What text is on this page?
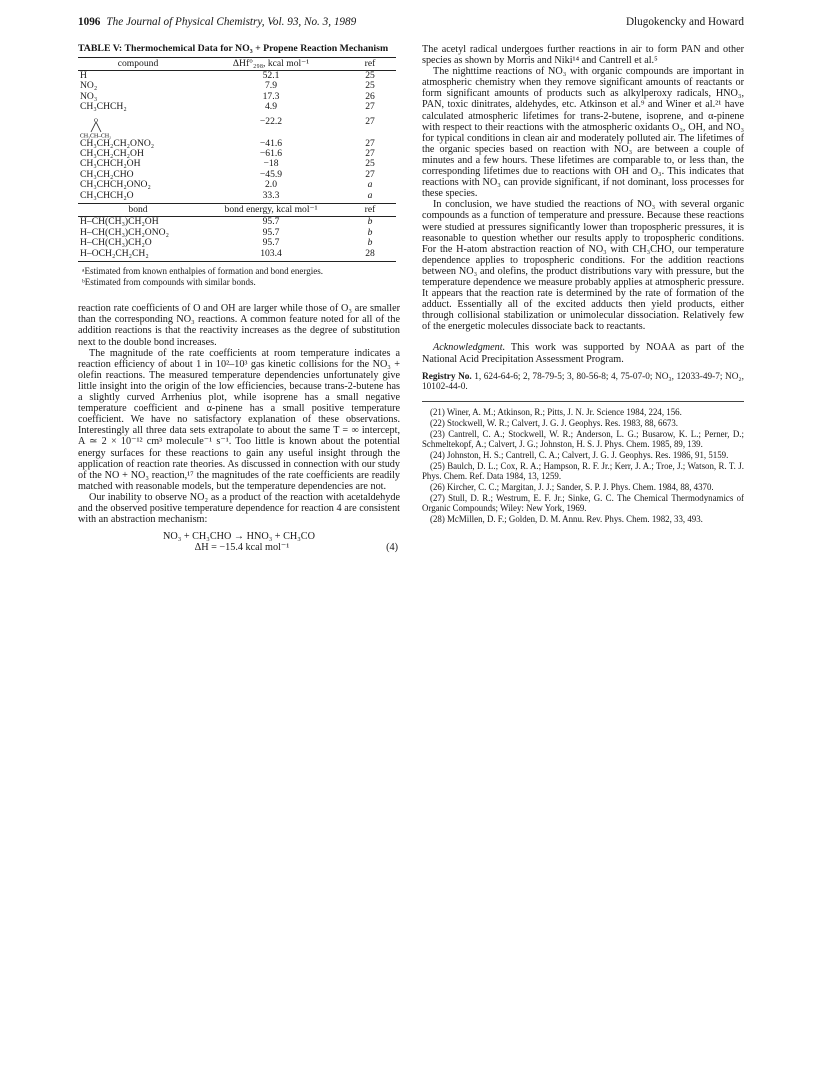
1096 The Journal of Physical Chemistry, Vol. 93, No. 3, 1989	Dlugokencky and Howard
TABLE V: Thermochemical Data for NO₃ + Propene Reaction Mechanism
compound	ΔHf°₂₉₈, kcal mol⁻¹	ref
H	52.1	25
NO₂	7.9	25
NO₃	17.3	26
CH₃CHCH₂	4.9	27

O
CH₃CH–CH₂	−22.2	27
CH₃CH₂CH₂ONO₂	−41.6	27
CH₃CH₂CH₂OH	−61.6	27
CH₃CHCH₂OH	−18	25
CH₃CH₂CHO	−45.9	27
CH₃CHCH₂ONO₂	2.0	a
CH₃CHCH₂O	33.3	a
bond	bond energy, kcal mol⁻¹	ref
H–CH(CH₃)CH₂OH	95.7	b
H–CH(CH₃)CH₂ONO₂	95.7	b
H–CH(CH₃)CH₂O	95.7	b
H–OCH₂CH₂CH₂	103.4	28

ᵃEstimated from known enthalpies of formation and bond energies.

ᵇEstimated from compounds with similar bonds.

reaction rate coefficients of O and OH are larger while those of O₃ are smaller than the corresponding NO₃ reactions. A common feature noted for all of the addition reactions is that the reactivity increases as the degree of substitution next to the double bond increases.

The magnitude of the rate coefficients at room temperature indicates a reaction efficiency of about 1 in 10²–10³ gas kinetic collisions for the NO₃ + olefin reactions. The measured temperature dependencies unfortunately give little insight into the origin of the low efficiencies, because trans-2-butene has a slightly curved Arrhenius plot, while isoprene has a small negative temperature coefficient and α-pinene has a small positive temperature coefficient. We have no satisfactory explanation of these observations. Interestingly all three data sets extrapolate to about the same T = ∞ intercept, A ≃ 2 × 10⁻¹² cm³ molecule⁻¹ s⁻¹. Too little is known about the potential energy surfaces for these reactions to gain any useful insight through the application of reaction rate theories. As discussed in connection with our study of the NO + NO₃ reaction,¹⁷ the magnitudes of the rate coefficients are readily matched with reasonable models, but the temperature dependencies are not.

Our inability to observe NO₂ as a product of the reaction with acetaldehyde and the observed positive temperature dependence for reaction 4 are consistent with an abstraction mechanism:

NO₃ + CH₃CHO → HNO₃ + CH₃CO
ΔH = −15.4 kcal mol⁻¹	(4)

The acetyl radical undergoes further reactions in air to form PAN and other species as shown by Morris and Niki¹⁴ and Cantrell et al.⁵

The nighttime reactions of NO₃ with organic compounds are important in atmospheric chemistry when they remove significant amounts of reactants or form significant amounts of products such as alkylperoxy radicals, HNO₃, PAN, toxic dinitrates, aldehydes, etc. Atkinson et al.⁹ and Winer et al.²¹ have calculated atmospheric lifetimes for trans-2-butene, isoprene, and α-pinene with respect to their reactions with the atmospheric oxidants O₃, OH, and NO₃ for typical conditions in clean air and moderately polluted air. The lifetimes of the organic species based on reaction with NO₃ are between a couple of minutes and a few hours. These lifetimes are comparable to, or less than, the corresponding lifetimes due to reactions with OH and O₃. This indicates that reactions with NO₃ can provide significant, if not dominant, loss processes for these species.

In conclusion, we have studied the reactions of NO₃ with several organic compounds as a function of temperature and pressure. Because these reactions were studied at pressures significantly lower than tropospheric pressures, it is reasonable to question whether our results apply to tropospheric conditions. For the H-atom abstraction reaction of NO₃ with CH₃CHO, our temperature dependence applies to tropospheric conditions. For the addition reactions between NO₃ and olefins, the product distributions vary with pressure, but the temperature dependence we measure probably applies at atmospheric pressure. It appears that the reaction rate is determined by the rate of formation of the adduct. Essentially all of the excited adducts then yield products, either through collisional stabilization or unimolecular dissociation. Relatively few of the energetic molecules dissociate back to reactants.

Acknowledgment. This work was supported by NOAA as part of the National Acid Precipitation Assessment Program.

Registry No. 1, 624-64-6; 2, 78-79-5; 3, 80-56-8; 4, 75-07-0; NO₃, 12033-49-7; NO₂, 10102-44-0.

(21) Winer, A. M.; Atkinson, R.; Pitts, J. N. Jr. Science 1984, 224, 156.

(22) Stockwell, W. R.; Calvert, J. G. J. Geophys. Res. 1983, 88, 6673.

(23) Cantrell, C. A.; Stockwell, W. R.; Anderson, L. G.; Busarow, K. L.; Perner, D.; Schmeltekopf, A.; Calvert, J. G.; Johnston, H. S. J. Phys. Chem. 1985, 89, 139.

(24) Johnston, H. S.; Cantrell, C. A.; Calvert, J. G. J. Geophys. Res. 1986, 91, 5159.

(25) Baulch, D. L.; Cox, R. A.; Hampson, R. F. Jr.; Kerr, J. A.; Troe, J.; Watson, R. T. J. Phys. Chem. Ref. Data 1984, 13, 1259.

(26) Kircher, C. C.; Margitan, J. J.; Sander, S. P. J. Phys. Chem. 1984, 88, 4370.

(27) Stull, D. R.; Westrum, E. F. Jr.; Sinke, G. C. The Chemical Thermodynamics of Organic Compounds; Wiley: New York, 1969.

(28) McMillen, D. F.; Golden, D. M. Annu. Rev. Phys. Chem. 1982, 33, 493.
